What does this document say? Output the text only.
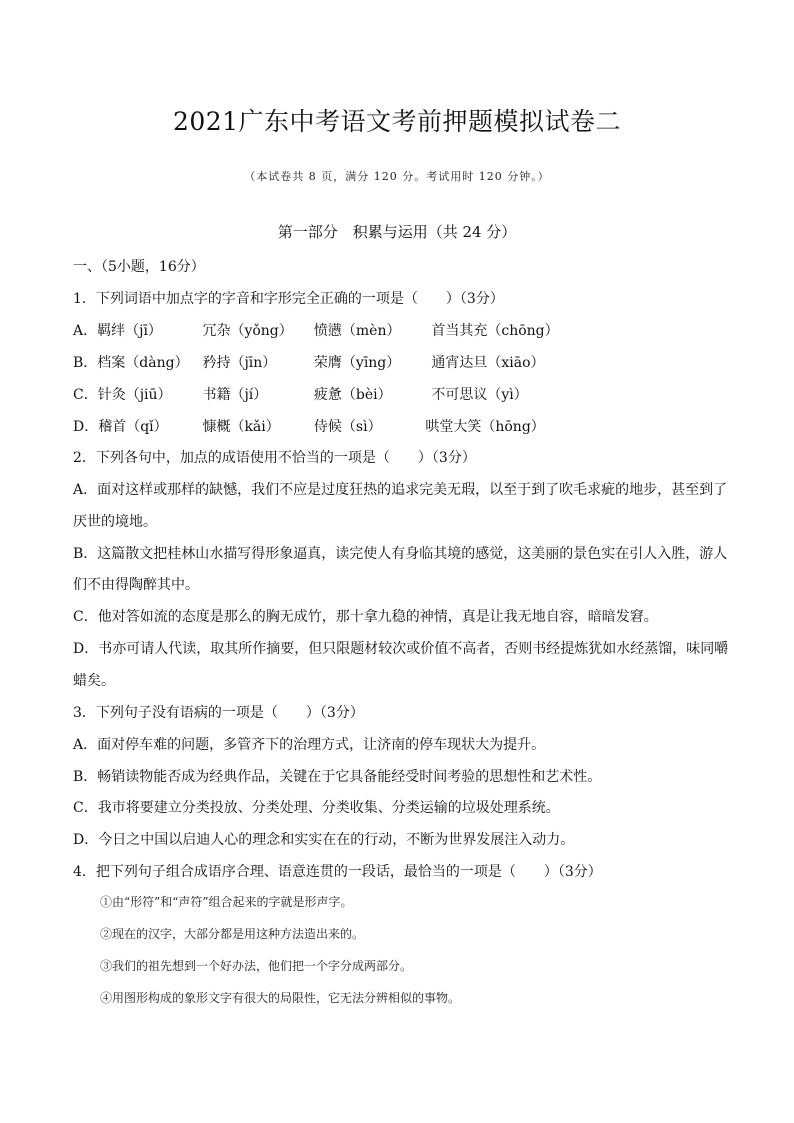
2021广东中考语文考前押题模拟试卷二
（本试卷共 8 页，满分 120 分。考试用时 120 分钟。）
第一部分　积累与运用（共 24 分）
一、（5小题，16分）
1．下列词语中加点字的字音和字形完全正确的一项是（　　）（3分）
A．羁绊（jī）	冗杂（yǒng） 愤懑（mèn） 首当其充（chōng）
B．档案（dàng） 矜持（jīn）	荣膺（yīng） 通宵达旦（xiāo）
C．针灸（jiū） 书籍（jí）	疲惫（bèi）	不可思议（yì）
D．稽首（qǐ） 慷概（kǎi） 侍候（sì）	哄堂大笑（hōng）
2．下列各句中，加点的成语使用不恰当的一项是（　　）（3分）
A．面对这样或那样的缺憾，我们不应是过度狂热的追求完美无瑕，以至于到了吹毛求疵的地步，甚至到了
厌世的境地。
B．这篇散文把桂林山水描写得形象逼真，读完使人有身临其境的感觉，这美丽的景色实在引人入胜，游人
们不由得陶醉其中。
C．他对答如流的态度是那么的胸无成竹，那十拿九稳的神情，真是让我无地自容，暗暗发窘。
D．书亦可请人代读，取其所作摘要，但只限题材较次或价值不高者，否则书经提炼犹如水经蒸馏，味同嚼
蜡矣。
3．下列句子没有语病的一项是（　　）（3分）
A．面对停车难的问题，多管齐下的治理方式，让济南的停车现状大为提升。
B．畅销读物能否成为经典作品，关键在于它具备能经受时间考验的思想性和艺术性。
C．我市将要建立分类投放、分类处理、分类收集、分类运输的垃圾处理系统。
D．今日之中国以启迪人心的理念和实实在在的行动，不断为世界发展注入动力。
4．把下列句子组合成语序合理、语意连贯的一段话，最恰当的一项是（　　）（3分）
①由“形符”和“声符”组合起来的字就是形声字。
②现在的汉字，大部分都是用这种方法造出来的。
③我们的祖先想到一个好办法，他们把一个字分成两部分。
④用图形构成的象形文字有很大的局限性，它无法分辨相似的事物。
